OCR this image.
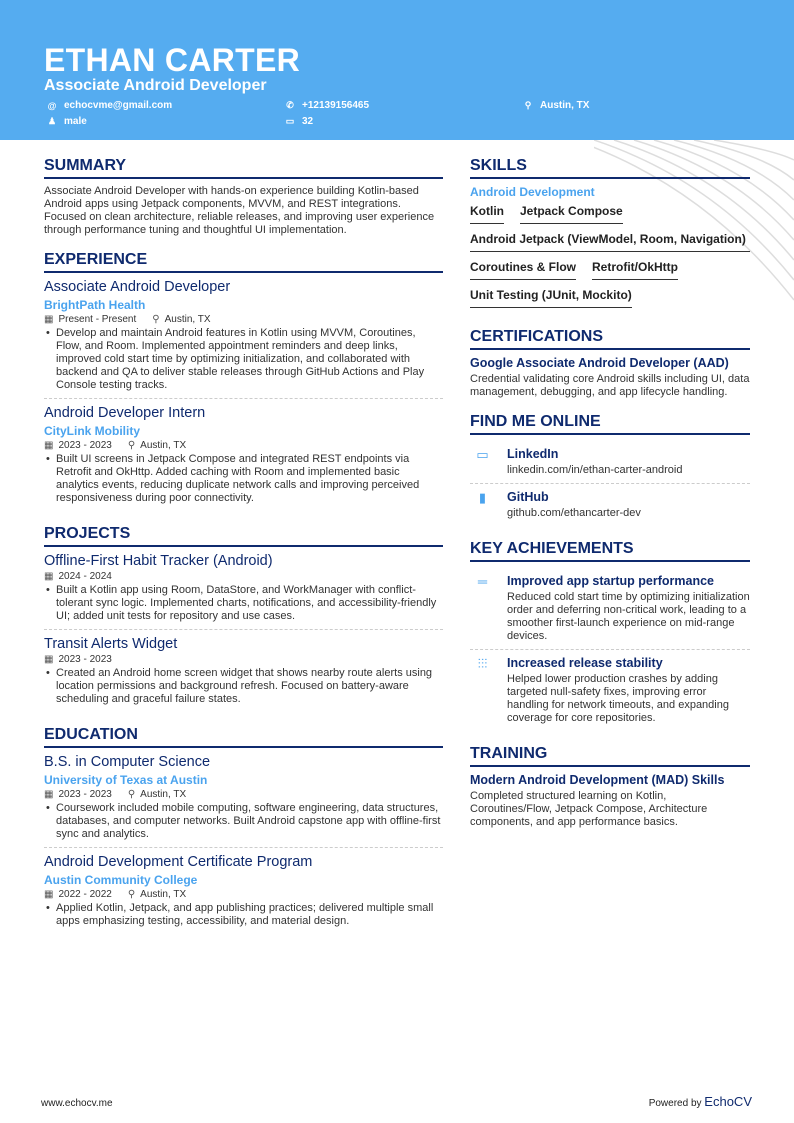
ETHAN CARTER
Associate Android Developer
@ echocvme@gmail.com	✆ +12139156465	⚲ Austin, TX
♟ male	▭ 32
SUMMARY

Associate Android Developer with hands-on experience building Kotlin-based Android apps using Jetpack components, MVVM, and REST integrations. Focused on clean architecture, reliable releases, and improving user experience through performance tuning and thoughtful UI implementation.

EXPERIENCE
Associate Android Developer
BrightPath Health
▦ Present - Present ⚲ Austin, TX
• Develop and maintain Android features in Kotlin using MVVM, Coroutines, Flow, and Room. Implemented appointment reminders and deep links, improved cold start time by optimizing initialization, and collaborated with backend and QA to deliver stable releases through GitHub Actions and Play Console testing tracks.
Android Developer Intern
CityLink Mobility
▦ 2023 - 2023 ⚲ Austin, TX
• Built UI screens in Jetpack Compose and integrated REST endpoints via Retrofit and OkHttp. Added caching with Room and implemented basic analytics events, reducing duplicate network calls and improving perceived responsiveness during poor connectivity.
PROJECTS
Offline-First Habit Tracker (Android)
▦ 2024 - 2024
• Built a Kotlin app using Room, DataStore, and WorkManager with conflict-tolerant sync logic. Implemented charts, notifications, and accessibility-friendly UI; added unit tests for repository and use cases.
Transit Alerts Widget
▦ 2023 - 2023
• Created an Android home screen widget that shows nearby route alerts using location permissions and background refresh. Focused on battery-aware scheduling and graceful failure states.
EDUCATION
B.S. in Computer Science
University of Texas at Austin
▦ 2023 - 2023 ⚲ Austin, TX
• Coursework included mobile computing, software engineering, data structures, databases, and computer networks. Built Android capstone app with offline-first sync and analytics.
Android Development Certificate Program
Austin Community College
▦ 2022 - 2022 ⚲ Austin, TX
• Applied Kotlin, Jetpack, and app publishing practices; delivered multiple small apps emphasizing testing, accessibility, and material design.
SKILLS
Android Development
Kotlin Jetpack Compose
Android Jetpack (ViewModel, Room, Navigation)
Coroutines & Flow Retrofit/OkHttp
Unit Testing (JUnit, Mockito)
CERTIFICATIONS
Google Associate Android Developer (AAD)

Credential validating core Android skills including UI, data management, debugging, and app lifecycle handling.

FIND ME ONLINE
▭	LinkedIn

linkedin.com/in/ethan-carter-android

▮	GitHub

github.com/ethancarter-dev

KEY ACHIEVEMENTS
═	Improved app startup performance

Reduced cold start time by optimizing initialization order and deferring non-critical work, leading to a smoother first-launch experience on mid-range devices.

⫶⫶⫶	Increased release stability

Helped lower production crashes by adding targeted null-safety fixes, improving error handling for network timeouts, and expanding coverage for core repositories.

TRAINING
Modern Android Development (MAD) Skills

Completed structured learning on Kotlin, Coroutines/Flow, Jetpack Compose, Architecture components, and app performance basics.

www.echocv.me	Powered by EchoCV
